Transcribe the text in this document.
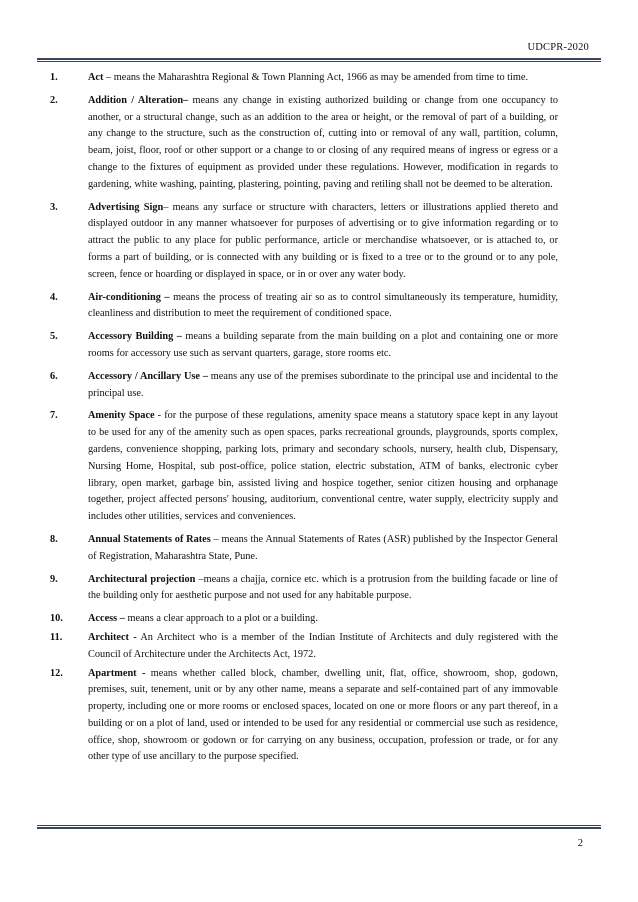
UDCPR-2020
1.	Act – means the Maharashtra Regional & Town Planning Act, 1966 as may be amended from time to time.
2.	Addition / Alteration– means any change in existing authorized building or change from one occupancy to another, or a structural change, such as an addition to the area or height, or the removal of part of a building, or any change to the structure, such as the construction of, cutting into or removal of any wall, partition, column, beam, joist, floor, roof or other support or a change to or closing of any required means of ingress or egress or a change to the fixtures of equipment as provided under these regulations. However, modification in regards to gardening, white washing, painting, plastering, pointing, paving and retiling shall not be deemed to be alteration.
3.	Advertising Sign– means any surface or structure with characters, letters or illustrations applied thereto and displayed outdoor in any manner whatsoever for purposes of advertising or to give information regarding or to attract the public to any place for public performance, article or merchandise whatsoever, or is attached to, or forms a part of building, or is connected with any building or is fixed to a tree or to the ground or to any pole, screen, fence or hoarding or displayed in space, or in or over any water body.
4.	Air-conditioning – means the process of treating air so as to control simultaneously its temperature, humidity, cleanliness and distribution to meet the requirement of conditioned space.
5.	Accessory Building – means a building separate from the main building on a plot and containing one or more rooms for accessory use such as servant quarters, garage, store rooms etc.
6.	Accessory / Ancillary Use – means any use of the premises subordinate to the principal use and incidental to the principal use.
7.	Amenity Space - for the purpose of these regulations, amenity space means a statutory space kept in any layout to be used for any of the amenity such as open spaces, parks recreational grounds, playgrounds, sports complex, gardens, convenience shopping, parking lots, primary and secondary schools, nursery, health club, Dispensary, Nursing Home, Hospital, sub post-office, police station, electric substation, ATM of banks, electronic cyber library, open market, garbage bin, assisted living and hospice together, senior citizen housing and orphanage together, project affected persons' housing, auditorium, conventional centre, water supply, electricity supply and includes other utilities, services and conveniences.
8.	Annual Statements of Rates – means the Annual Statements of Rates (ASR) published by the Inspector General of Registration, Maharashtra State, Pune.
9.	Architectural projection –means a chajja, cornice etc. which is a protrusion from the building facade or line of the building only for aesthetic purpose and not used for any habitable purpose.
10.	Access – means a clear approach to a plot or a building.
11.	Architect - An Architect who is a member of the Indian Institute of Architects and duly registered with the Council of Architecture under the Architects Act, 1972.
12.	Apartment - means whether called block, chamber, dwelling unit, flat, office, showroom, shop, godown, premises, suit, tenement, unit or by any other name, means a separate and self-contained part of any immovable property, including one or more rooms or enclosed spaces, located on one or more floors or any part thereof, in a building or on a plot of land, used or intended to be used for any residential or commercial use such as residence, office, shop, showroom or godown or for carrying on any business, occupation, profession or trade, or for any other type of use ancillary to the purpose specified.
2
